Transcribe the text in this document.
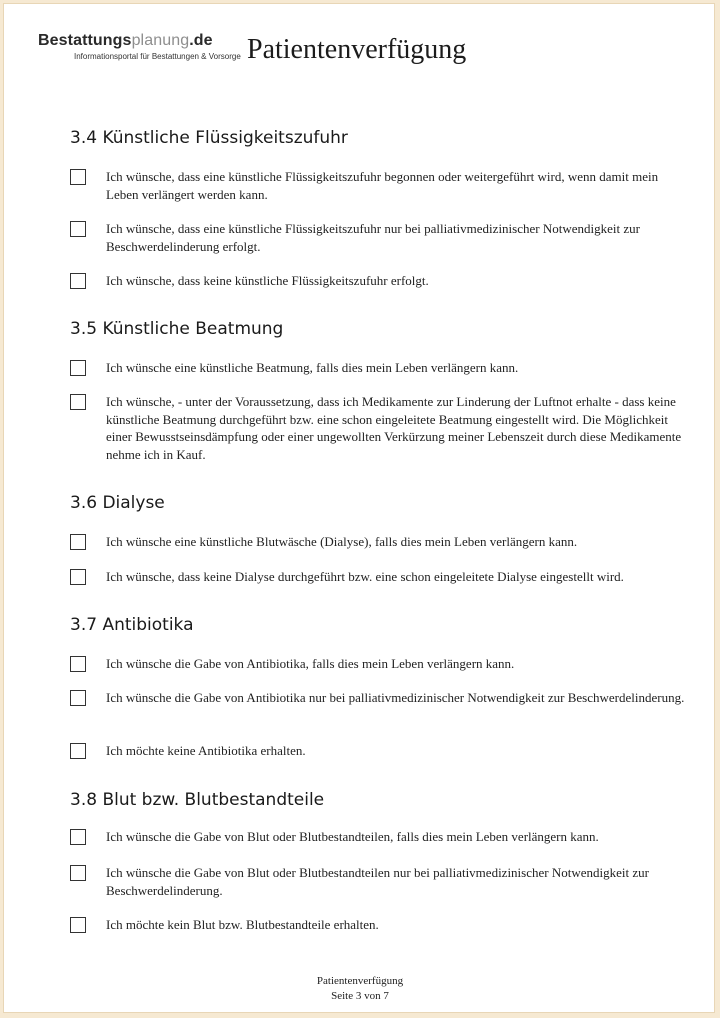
Bestattungsplanung.de
Informationsportal für Bestattungen & Vorsorge Patientenverfügung
3.4 Künstliche Flüssigkeitszufuhr
Ich wünsche, dass eine künstliche Flüssigkeitszufuhr begonnen oder weitergeführt wird, wenn damit mein Leben verlängert werden kann.
Ich wünsche, dass eine künstliche Flüssigkeitszufuhr nur bei palliativmedizinischer Notwendigkeit zur Beschwerdelinderung erfolgt.
Ich wünsche, dass keine künstliche Flüssigkeitszufuhr erfolgt.
3.5 Künstliche Beatmung
Ich wünsche eine künstliche Beatmung, falls dies mein Leben verlängern kann.
Ich wünsche, - unter der Voraussetzung, dass ich Medikamente zur Linderung der Luftnot erhalte - dass keine künstliche Beatmung durchgeführt bzw. eine schon eingeleitete Beatmung eingestellt wird. Die Möglichkeit einer Bewusstseinsdämpfung oder einer ungewollten Verkürzung meiner Lebenszeit durch diese Medikamente nehme ich in Kauf.
3.6 Dialyse
Ich wünsche eine künstliche Blutwäsche (Dialyse), falls dies mein Leben verlängern kann.
Ich wünsche, dass keine Dialyse durchgeführt bzw. eine schon eingeleitete Dialyse eingestellt wird.
3.7 Antibiotika
Ich wünsche die Gabe von Antibiotika, falls dies mein Leben verlängern kann.
Ich wünsche die Gabe von Antibiotika nur bei palliativmedizinischer Notwendigkeit zur Beschwerdelinderung.
Ich möchte keine Antibiotika erhalten.
3.8 Blut bzw. Blutbestandteile
Ich wünsche die Gabe von Blut oder Blutbestandteilen, falls dies mein Leben verlängern kann.
Ich wünsche die Gabe von Blut oder Blutbestandteilen nur bei palliativmedizinischer Notwendigkeit zur Beschwerdelinderung.
Ich möchte kein Blut bzw. Blutbestandteile erhalten.
Patientenverfügung
Seite 3 von 7
